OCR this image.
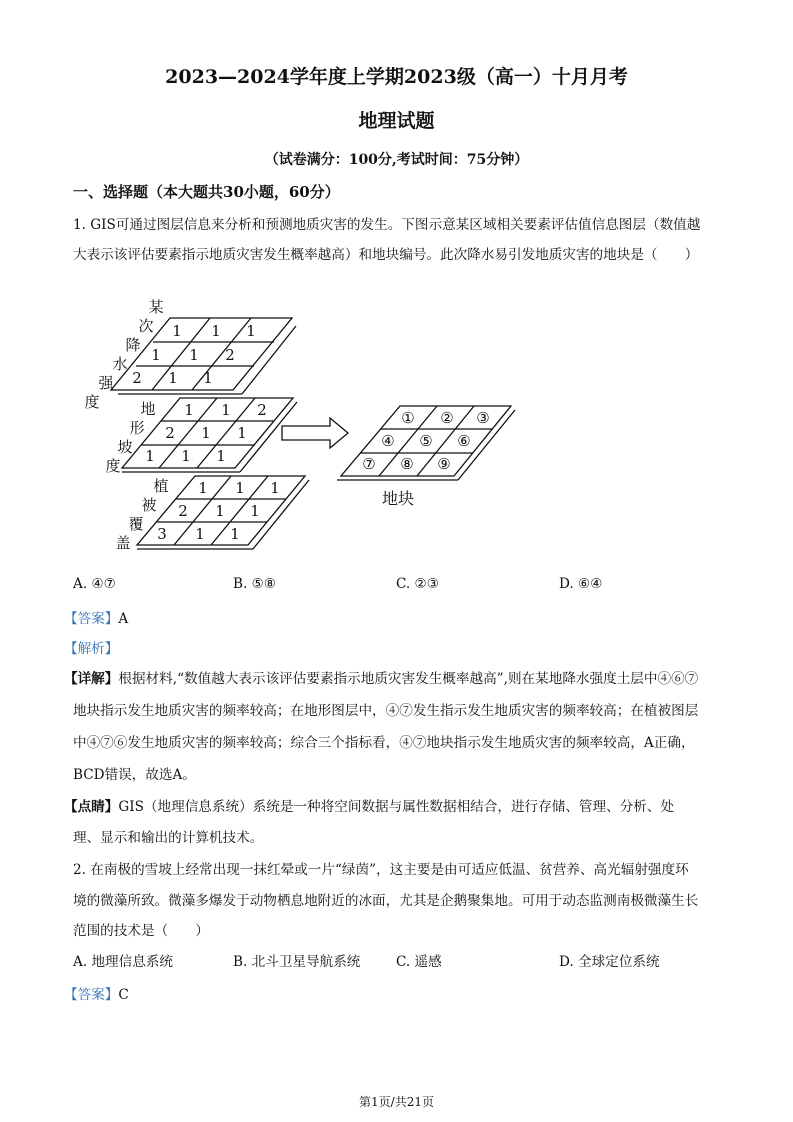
2023—2024学年度上学期2023级（高一）十月月考
地理试题
（试卷满分：100分,考试时间：75分钟）
一、选择题（本大题共30小题，60分）
1. GIS可通过图层信息来分析和预测地质灾害的发生。下图示意某区域相关要素评估值信息图层（数值越
大表示该评估要素指示地质灾害发生概率越高）和地块编号。此次降水易引发地质灾害的地块是（　　）
某
次
降
水
强
度
1 1 1
1 1 2
2 1 1
地
形
坡
度
1 1 2
2 1 1
1 1 1
植
被
覆
盖
1 1 1
2 1 1
3 1 1
① ② ③
④ ⑤ ⑥
⑦ ⑧ ⑨
地块
A. ④⑦	B. ⑤⑧	C. ②③	D. ⑥④
【答案】A
【解析】
【详解】根据材料,“数值越大表示该评估要素指示地质灾害发生概率越高”,则在某地降水强度土层中④⑥⑦
地块指示发生地质灾害的频率较高；在地形图层中，④⑦发生指示发生地质灾害的频率较高；在植被图层
中④⑦⑥发生地质灾害的频率较高；综合三个指标看，④⑦地块指示发生地质灾害的频率较高，A正确，
BCD错误，故选A。
【点睛】GIS（地理信息系统）系统是一种将空间数据与属性数据相结合，进行存储、管理、分析、处
理、显示和输出的计算机技术。
2. 在南极的雪坡上经常出现一抹红晕或一片“绿茵”，这主要是由可适应低温、贫营养、高光辐射强度环
境的微藻所致。微藻多爆发于动物栖息地附近的冰面，尤其是企鹅聚集地。可用于动态监测南极微藻生长
范围的技术是（　　）
A. 地理信息系统	B. 北斗卫星导航系统	C. 遥感	D. 全球定位系统
【答案】C
第1页/共21页
